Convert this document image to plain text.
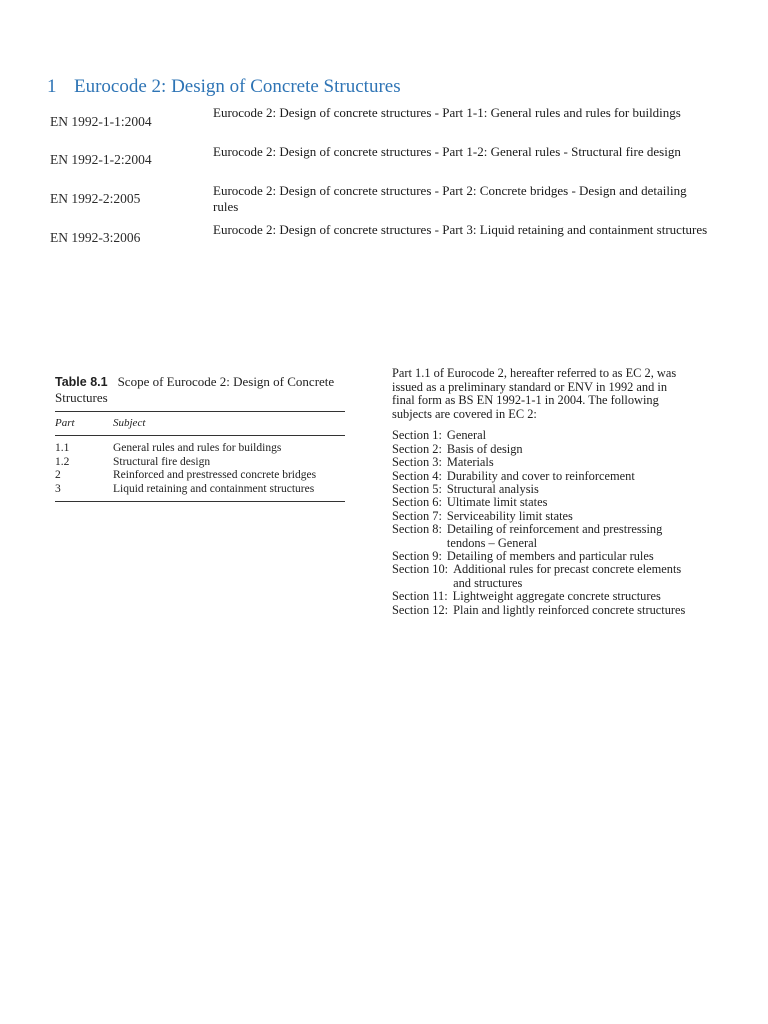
1 Eurocode 2: Design of Concrete Structures
EN 1992-1-1:2004	Eurocode 2: Design of concrete structures - Part 1-1: General rules and rules for buildings
EN 1992-1-2:2004	Eurocode 2: Design of concrete structures - Part 1-2: General rules - Structural fire design
EN 1992-2:2005	Eurocode 2: Design of concrete structures - Part 2: Concrete bridges - Design and detailing rules
EN 1992-3:2006	Eurocode 2: Design of concrete structures - Part 3: Liquid retaining and containment structures

Table 8.1 Scope of Eurocode 2: Design of Concrete Structures

Part	Subject
1.1	General rules and rules for buildings
1.2	Structural fire design
2	Reinforced and prestressed concrete bridges
3	Liquid retaining and containment structures

Part 1.1 of Eurocode 2, hereafter referred to as EC 2, was issued as a preliminary standard or ENV in 1992 and in final form as BS EN 1992-1-1 in 2004. The following subjects are covered in EC 2:

Section 1: General
Section 2: Basis of design
Section 3: Materials
Section 4: Durability and cover to reinforcement
Section 5: Structural analysis
Section 6: Ultimate limit states
Section 7: Serviceability limit states
Section 8: Detailing of reinforcement and prestressing tendons – General
Section 9: Detailing of members and particular rules
Section 10: Additional rules for precast concrete elements and structures
Section 11: Lightweight aggregate concrete structures
Section 12: Plain and lightly reinforced concrete structures
